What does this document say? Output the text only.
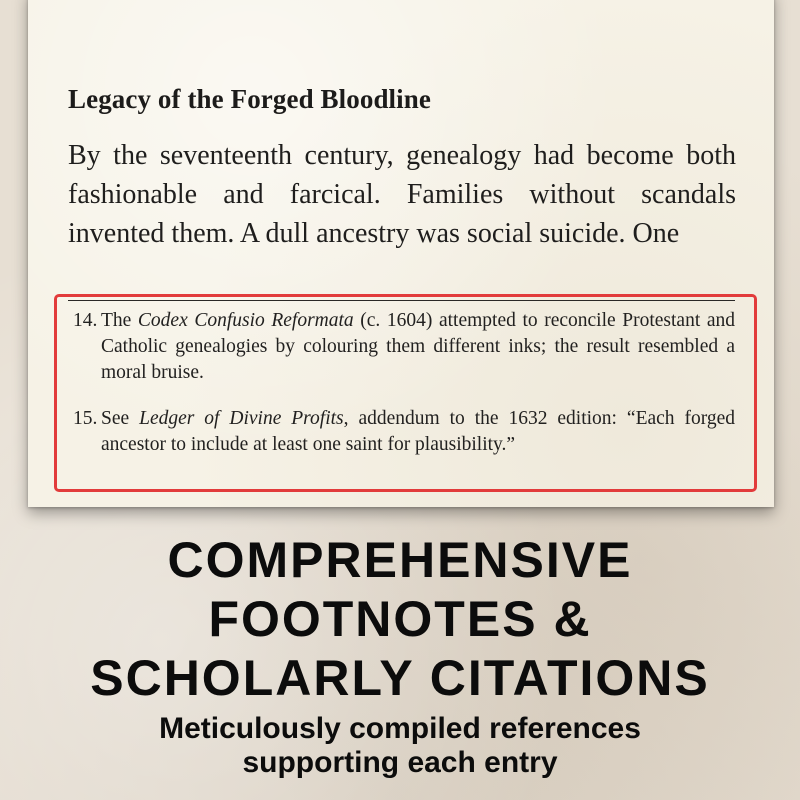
Legacy of the Forged Bloodline

By the seventeenth century, genealogy had become both fashionable and farcical. Families without scandals invented them. A dull ancestry was social suicide. One

14. The Codex Confusio Reformata (c. 1604) attempted to reconcile Protestant and Catholic genealogies by colouring them different inks; the result resembled a moral bruise.
15. See Ledger of Divine Profits, addendum to the 1632 edition: “Each forged ancestor to include at least one saint for plausibility.”
COMPREHENSIVE
FOOTNOTES &
SCHOLARLY CITATIONS

Meticulously compiled references
supporting each entry
